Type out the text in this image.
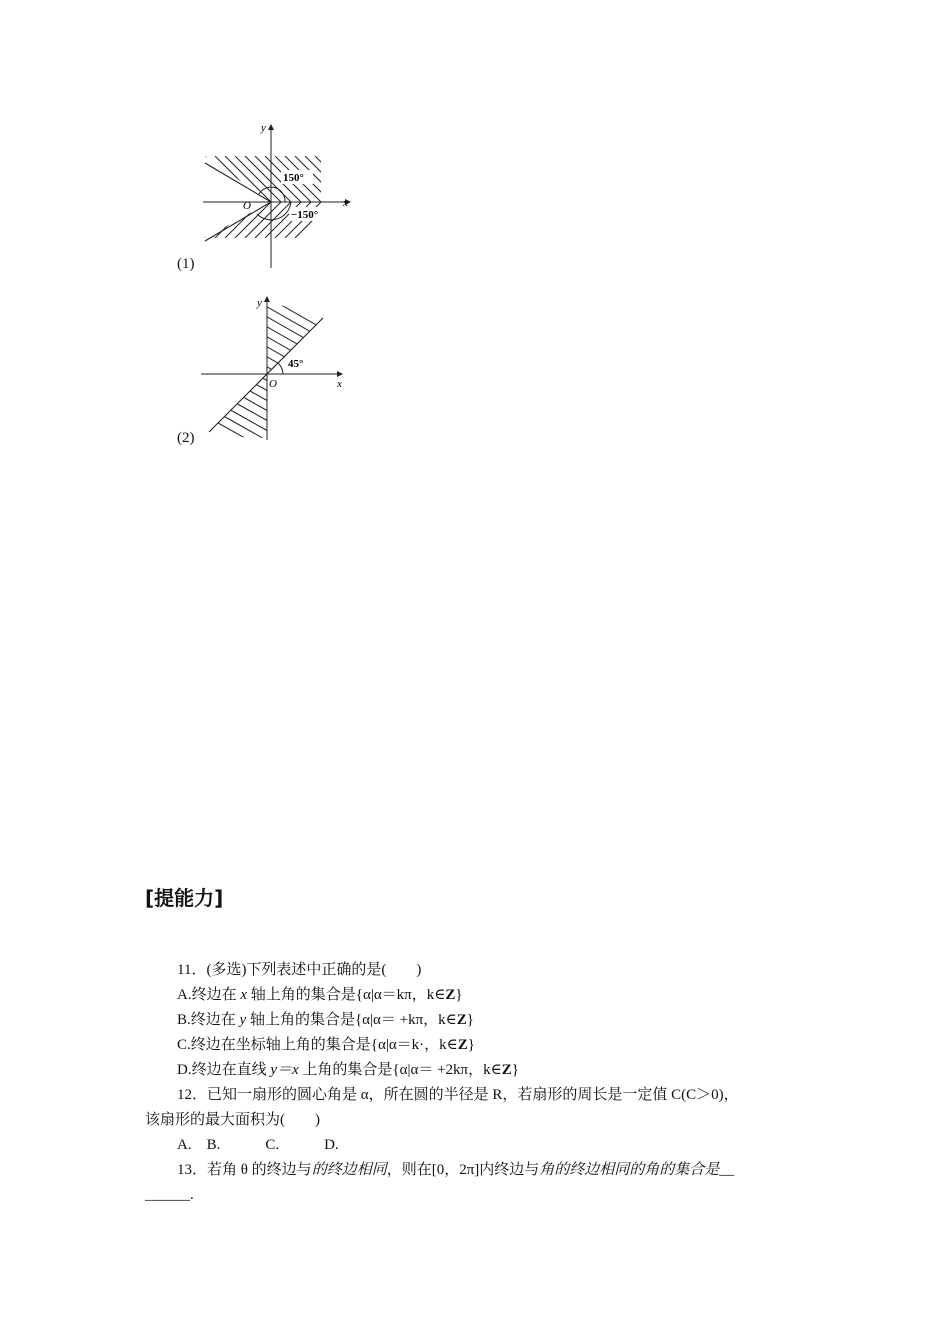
y
x
O
150°
−150°
(1)
y
x
O
45°
(2)
[提能力]
11．(多选)下列表述中正确的是(　　)
A.终边在 x 轴上角的集合是{α|α＝kπ，k∈Z}
B.终边在 y 轴上角的集合是{α|α＝ +kπ，k∈Z}
C.终边在坐标轴上角的集合是{α|α＝k·，k∈Z}
D.终边在直线 y＝x 上角的集合是{α|α＝ +2kπ，k∈Z}
12．已知一扇形的圆心角是 α，所在圆的半径是 R，若扇形的周长是一定值 C(C＞0)，
该扇形的最大面积为(　　)
A.　B.　　　C.　　　D.
13．若角 θ 的终边与的终边相同，则在[0，2π]内终边与角的终边相同的角的集合是__
______.
